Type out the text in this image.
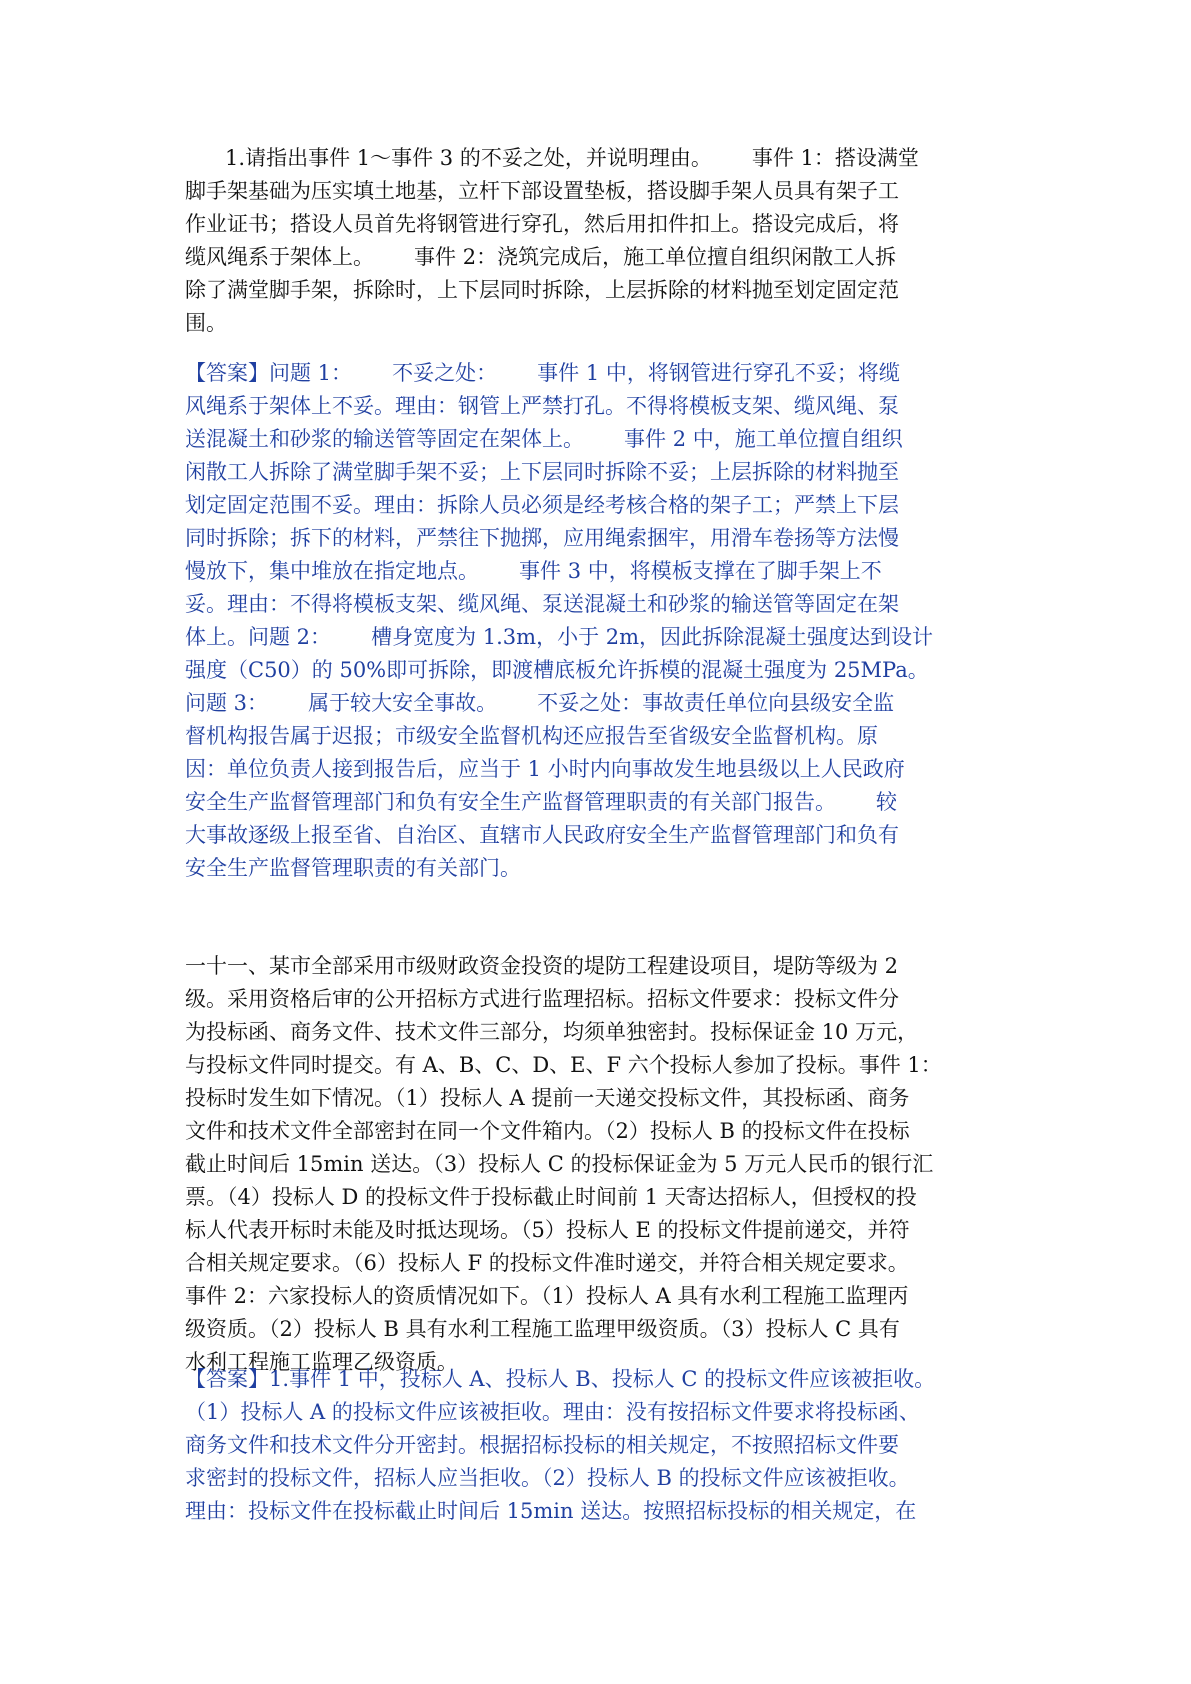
1.请指出事件 1～事件 3 的不妥之处，并说明理由。      事件 1：搭设满堂
脚手架基础为压实填土地基，立杆下部设置垫板，搭设脚手架人员具有架子工
作业证书；搭设人员首先将钢管进行穿孔，然后用扣件扣上。搭设完成后，将
缆风绳系于架体上。      事件 2：浇筑完成后，施工单位擅自组织闲散工人拆
除了满堂脚手架，拆除时，上下层同时拆除，上层拆除的材料抛至划定固定范
围。
【答案】问题 1：      不妥之处：      事件 1 中，将钢管进行穿孔不妥；将缆
风绳系于架体上不妥。理由：钢管上严禁打孔。不得将模板支架、缆风绳、泵
送混凝土和砂浆的输送管等固定在架体上。      事件 2 中，施工单位擅自组织
闲散工人拆除了满堂脚手架不妥；上下层同时拆除不妥；上层拆除的材料抛至
划定固定范围不妥。理由：拆除人员必须是经考核合格的架子工；严禁上下层
同时拆除；拆下的材料，严禁往下抛掷，应用绳索捆牢，用滑车卷扬等方法慢
慢放下，集中堆放在指定地点。      事件 3 中，将模板支撑在了脚手架上不
妥。理由：不得将模板支架、缆风绳、泵送混凝土和砂浆的输送管等固定在架
体上。问题 2：      槽身宽度为 1.3m，小于 2m，因此拆除混凝土强度达到设计
强度（C50）的 50%即可拆除，即渡槽底板允许拆模的混凝土强度为 25MPa。
问题 3：      属于较大安全事故。      不妥之处：事故责任单位向县级安全监
督机构报告属于迟报；市级安全监督机构还应报告至省级安全监督机构。原
因：单位负责人接到报告后，应当于 1 小时内向事故发生地县级以上人民政府
安全生产监督管理部门和负有安全生产监督管理职责的有关部门报告。      较
大事故逐级上报至省、自治区、直辖市人民政府安全生产监督管理部门和负有
安全生产监督管理职责的有关部门。
一十一、某市全部采用市级财政资金投资的堤防工程建设项目，堤防等级为 2
级。采用资格后审的公开招标方式进行监理招标。招标文件要求：投标文件分
为投标函、商务文件、技术文件三部分，均须单独密封。投标保证金 10 万元，
与投标文件同时提交。有 A、B、C、D、E、F 六个投标人参加了投标。事件 1：
投标时发生如下情况。（1）投标人 A 提前一天递交投标文件，其投标函、商务
文件和技术文件全部密封在同一个文件箱内。（2）投标人 B 的投标文件在投标
截止时间后 15min 送达。（3）投标人 C 的投标保证金为 5 万元人民币的银行汇
票。（4）投标人 D 的投标文件于投标截止时间前 1 天寄达招标人，但授权的投
标人代表开标时未能及时抵达现场。（5）投标人 E 的投标文件提前递交，并符
合相关规定要求。（6）投标人 F 的投标文件准时递交，并符合相关规定要求。
事件 2：六家投标人的资质情况如下。（1）投标人 A 具有水利工程施工监理丙
级资质。（2）投标人 B 具有水利工程施工监理甲级资质。（3）投标人 C 具有
水利工程施工监理乙级资质。
【答案】1.事件 1 中，投标人 A、投标人 B、投标人 C 的投标文件应该被拒收。
（1）投标人 A 的投标文件应该被拒收。理由：没有按招标文件要求将投标函、
商务文件和技术文件分开密封。根据招标投标的相关规定，不按照招标文件要
求密封的投标文件，招标人应当拒收。（2）投标人 B 的投标文件应该被拒收。
理由：投标文件在投标截止时间后 15min 送达。按照招标投标的相关规定，在
